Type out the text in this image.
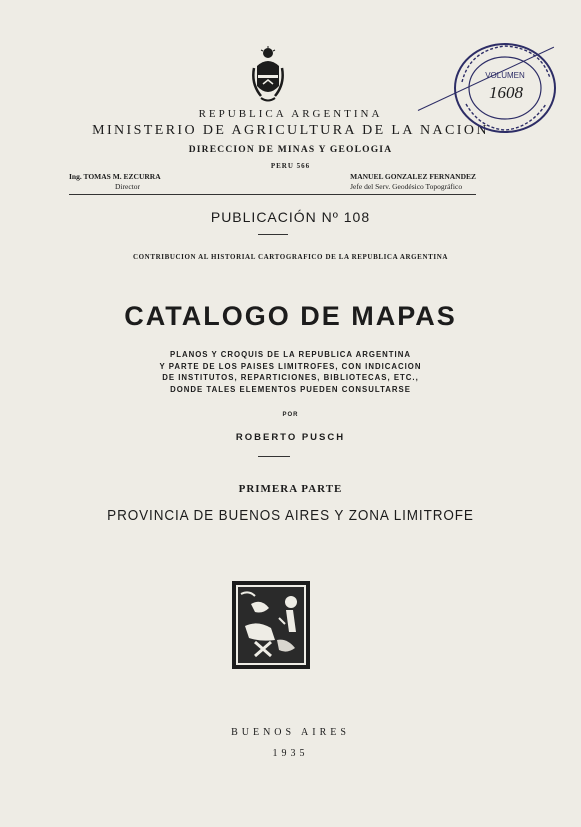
REPUBLICA ARGENTINA
MINISTERIO DE AGRICULTURA DE LA NACION
DIRECCION DE MINAS Y GEOLOGIA
PERU 566
Ing. TOMAS M. EZCURRA
Director
MANUEL GONZALEZ FERNANDEZ
Jefe del Serv. Geodésico Topográfico
PUBLICACIÓN Nº 108
CONTRIBUCION AL HISTORIAL CARTOGRAFICO DE LA REPUBLICA ARGENTINA
CATALOGO DE MAPAS
PLANOS Y CROQUIS DE LA REPUBLICA ARGENTINA
Y PARTE DE LOS PAISES LIMITROFES, CON INDICACION
DE INSTITUTOS, REPARTICIONES, BIBLIOTECAS, ETC.,
DONDE TALES ELEMENTOS PUEDEN CONSULTARSE
POR
ROBERTO PUSCH
PRIMERA PARTE
PROVINCIA DE BUENOS AIRES Y ZONA LIMITROFE
BUENOS AIRES
1935
VOLUMEN
1608
